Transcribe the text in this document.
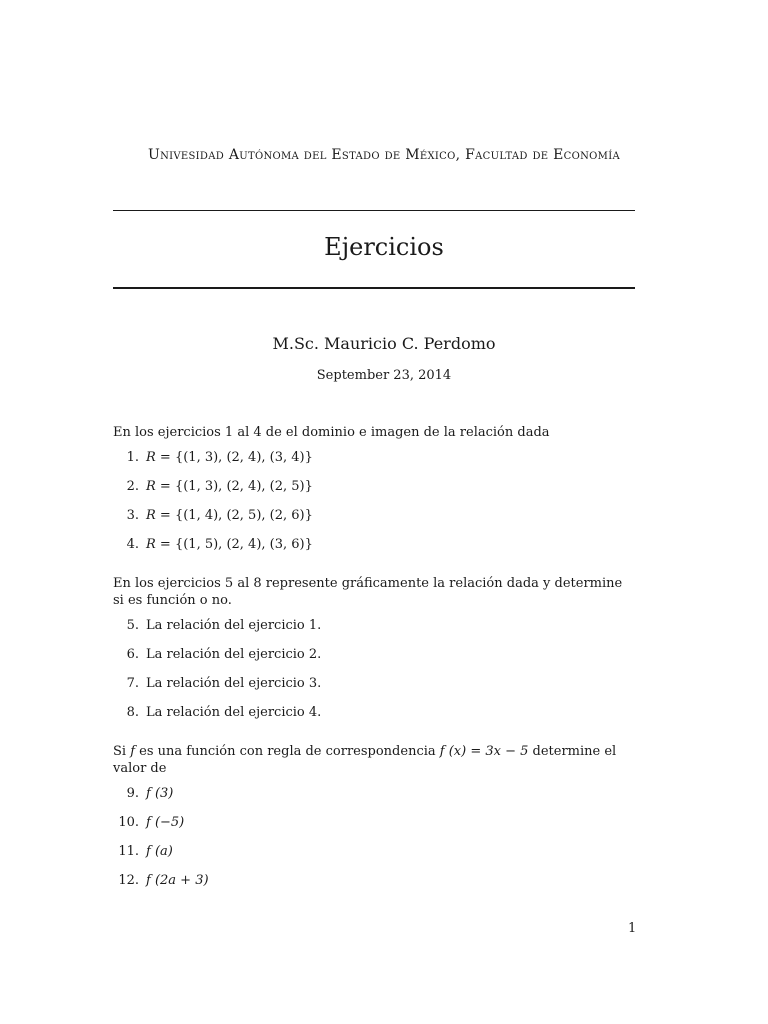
Univesidad Autónoma del Estado de México, Facultad de Economía
Ejercicios
M.Sc. Mauricio C. Perdomo
September 23, 2014

En los ejercicios 1 al 4 de el dominio e imagen de la relación dada

1. R = {(1, 3), (2, 4), (3, 4)}
2. R = {(1, 3), (2, 4), (2, 5)}
3. R = {(1, 4), (2, 5), (2, 6)}
4. R = {(1, 5), (2, 4), (3, 6)}

En los ejercicios 5 al 8 represente gráficamente la relación dada y determine si es función o no.

5. La relación del ejercicio 1.
6. La relación del ejercicio 2.
7. La relación del ejercicio 3.
8. La relación del ejercicio 4.

Si f es una función con regla de correspondencia f (x) = 3x − 5 determine el valor de

9. f (3)
10. f (−5)
11. f (a)
12. f (2a + 3)
1
